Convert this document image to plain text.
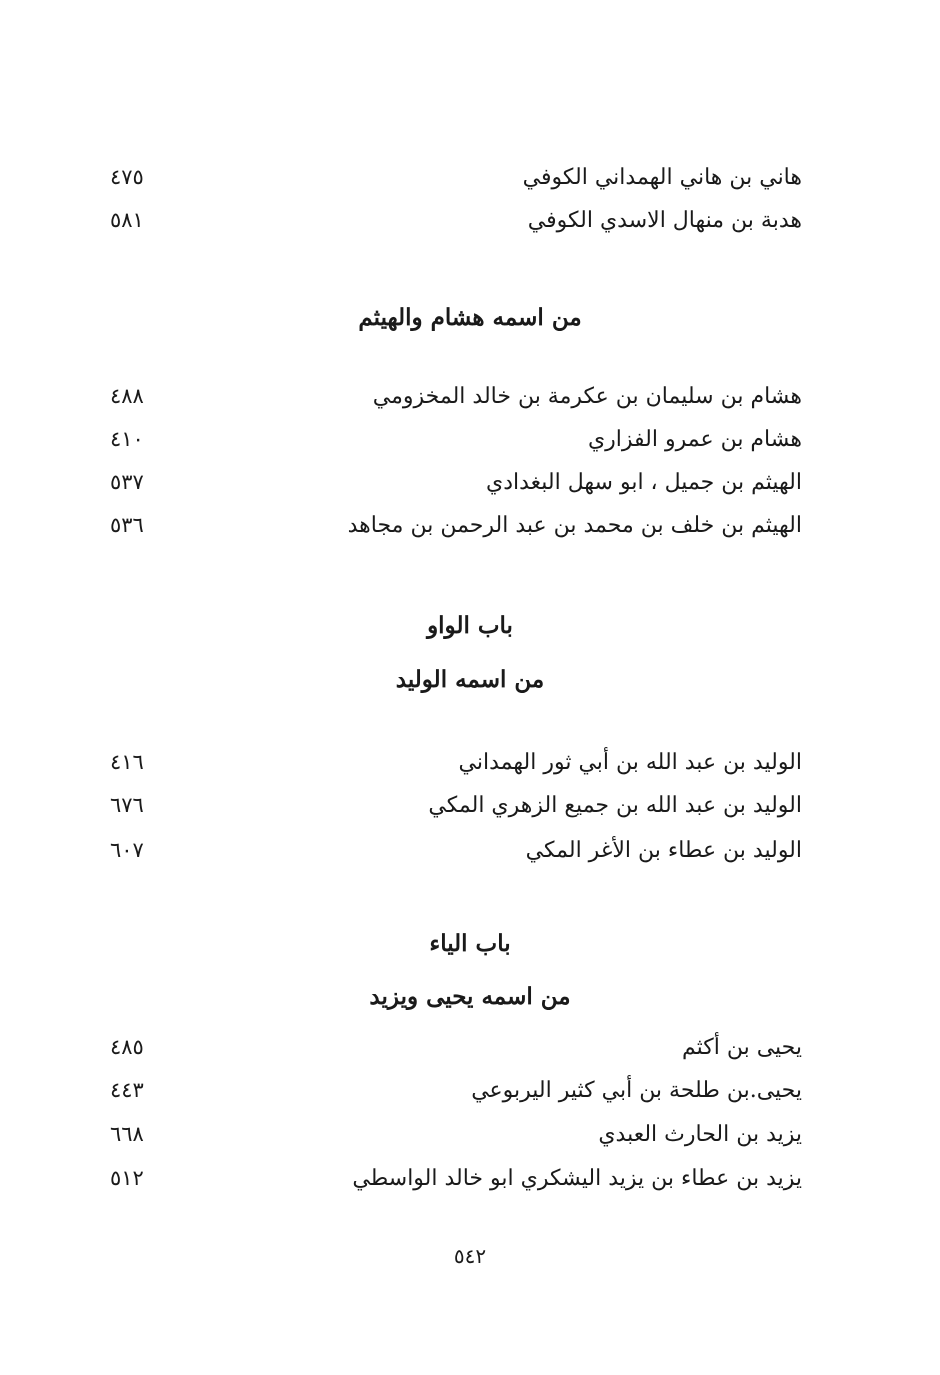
هاني بن هاني الهمداني الكوفي
٤٧٥
هدبة بن منهال الاسدي الكوفي
٥٨١
من اسمه هشام والهيثم
هشام بن سليمان بن عكرمة بن خالد المخزومي
٤٨٨
هشام بن عمرو الفزاري
٤١٠
الهيثم بن جميل ، ابو سهل البغدادي
٥٣٧
الهيثم بن خلف بن محمد بن عبد الرحمن بن مجاهد
٥٣٦
باب الواو
من اسمه الوليد
الوليد بن عبد الله بن أبي ثور الهمداني
٤١٦
الوليد بن عبد الله بن جميع الزهري المكي
٦٧٦
الوليد بن عطاء بن الأغر المكي
٦٠٧
باب الياء
من اسمه يحيى ويزيد
يحيى بن أكثم
٤٨٥
يحيى.بن طلحة بن أبي كثير اليربوعي
٤٤٣
يزيد بن الحارث العبدي
٦٦٨
يزيد بن عطاء بن يزيد اليشكري ابو خالد الواسطي
٥١٢
٥٤٢
